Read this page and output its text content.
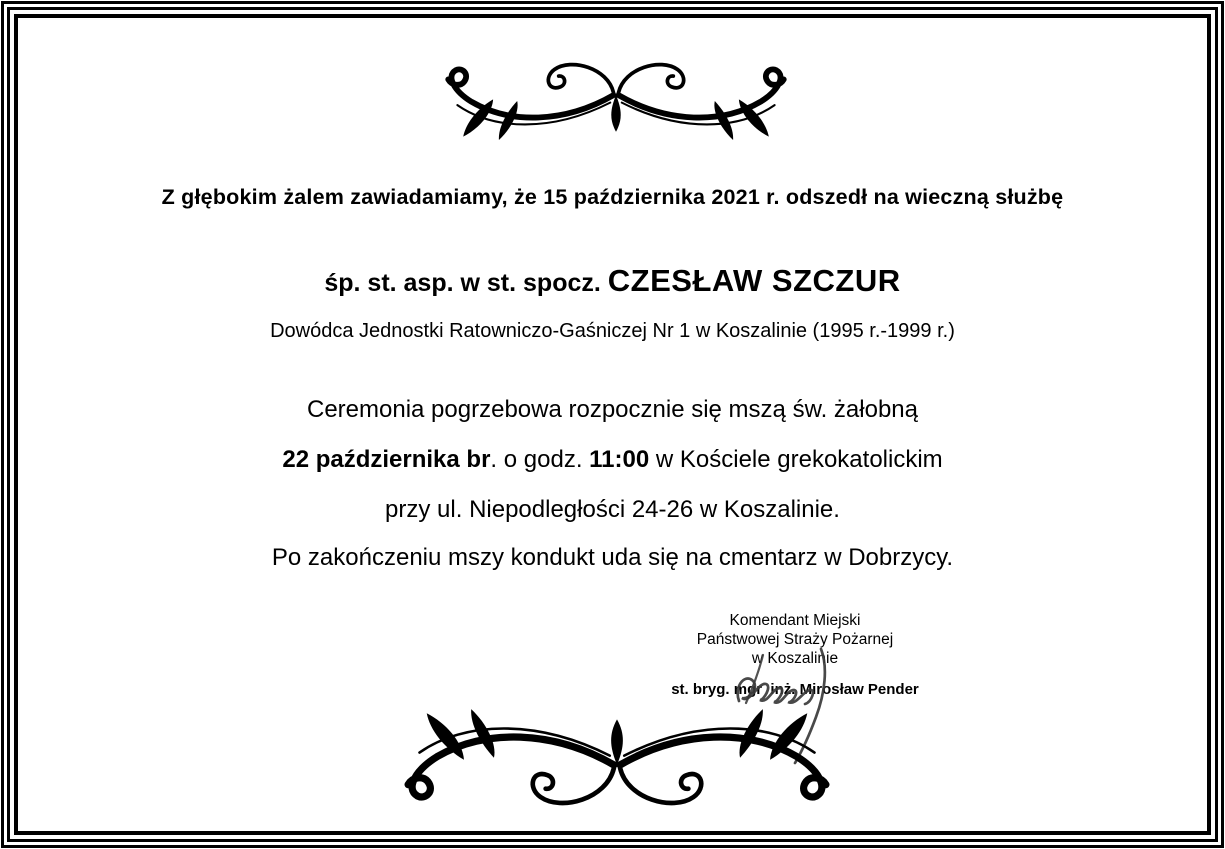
Z głębokim żalem zawiadamiamy, że 15 października 2021 r. odszedł na wieczną służbę
śp. st. asp. w st. spocz. CZESŁAW SZCZUR
Dowódca Jednostki Ratowniczo-Gaśniczej Nr 1 w Koszalinie (1995 r.-1999 r.)
Ceremonia pogrzebowa rozpocznie się mszą św. żałobną
22 października br. o godz. 11:00 w Kościele grekokatolickim
przy ul. Niepodległości 24-26 w Koszalinie.
Po zakończeniu mszy kondukt uda się na cmentarz w Dobrzycy.
Komendant Miejski
Państwowej Straży Pożarnej
w Koszalinie
st. bryg. mgr  inż. Mirosław Pender
